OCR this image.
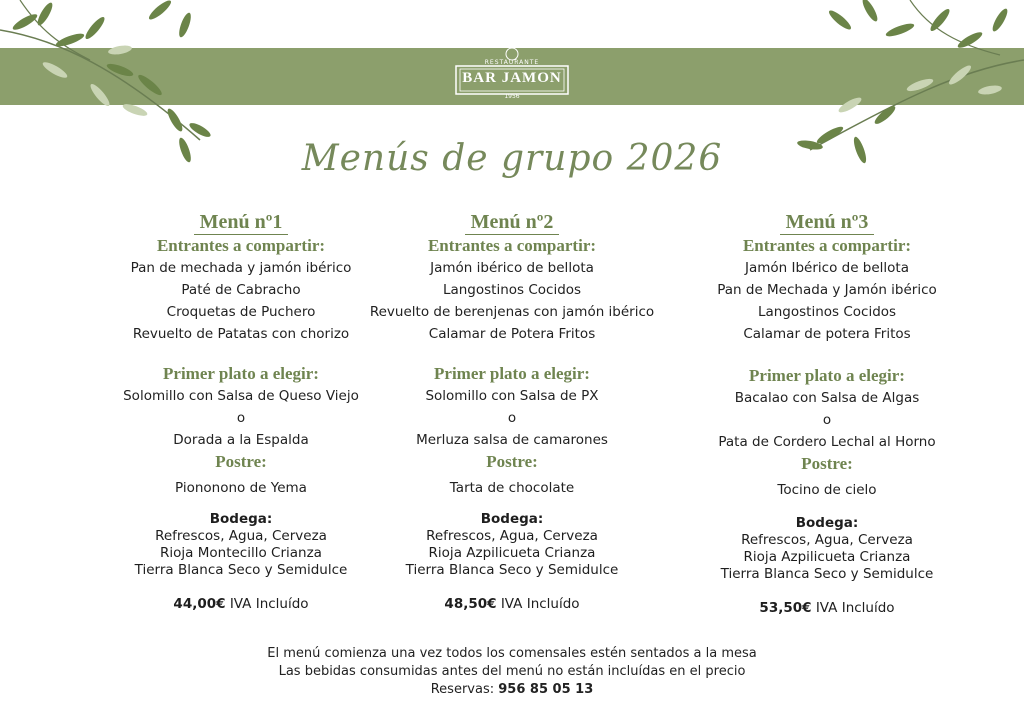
RESTAURANTE
BAR JAMON
1956
Menús de grupo 2026
Menú nº1
Entrantes a compartir:
Pan de mechada y jamón ibérico
Paté de Cabracho
Croquetas de Puchero
Revuelto de Patatas con chorizo
Primer plato a elegir:
Solomillo con Salsa de Queso Viejo
o
Dorada a la Espalda
Postre:
Piononono de Yema
Bodega:
Refrescos, Agua, Cerveza
Rioja Montecillo Crianza
Tierra Blanca Seco y Semidulce
44,00€ IVA Incluído
Menú nº2
Entrantes a compartir:
Jamón ibérico de bellota
Langostinos Cocidos
Revuelto de berenjenas con jamón ibérico
Calamar de Potera Fritos
Primer plato a elegir:
Solomillo con Salsa de PX
o
Merluza salsa de camarones
Postre:
Tarta de chocolate
Bodega:
Refrescos, Agua, Cerveza
Rioja Azpilicueta Crianza
Tierra Blanca Seco y Semidulce
48,50€ IVA Incluído
Menú nº3
Entrantes a compartir:
Jamón Ibérico de bellota
Pan de Mechada y Jamón ibérico
Langostinos Cocidos
Calamar de potera Fritos
Primer plato a elegir:
Bacalao con Salsa de Algas
o
Pata de Cordero Lechal al Horno
Postre:
Tocino de cielo
Bodega:
Refrescos, Agua, Cerveza
Rioja Azpilicueta Crianza
Tierra Blanca Seco y Semidulce
53,50€ IVA Incluído
El menú comienza una vez todos los comensales estén sentados a la mesa
Las bebidas consumidas antes del menú no están incluídas en el precio
Reservas: 956 85 05 13
